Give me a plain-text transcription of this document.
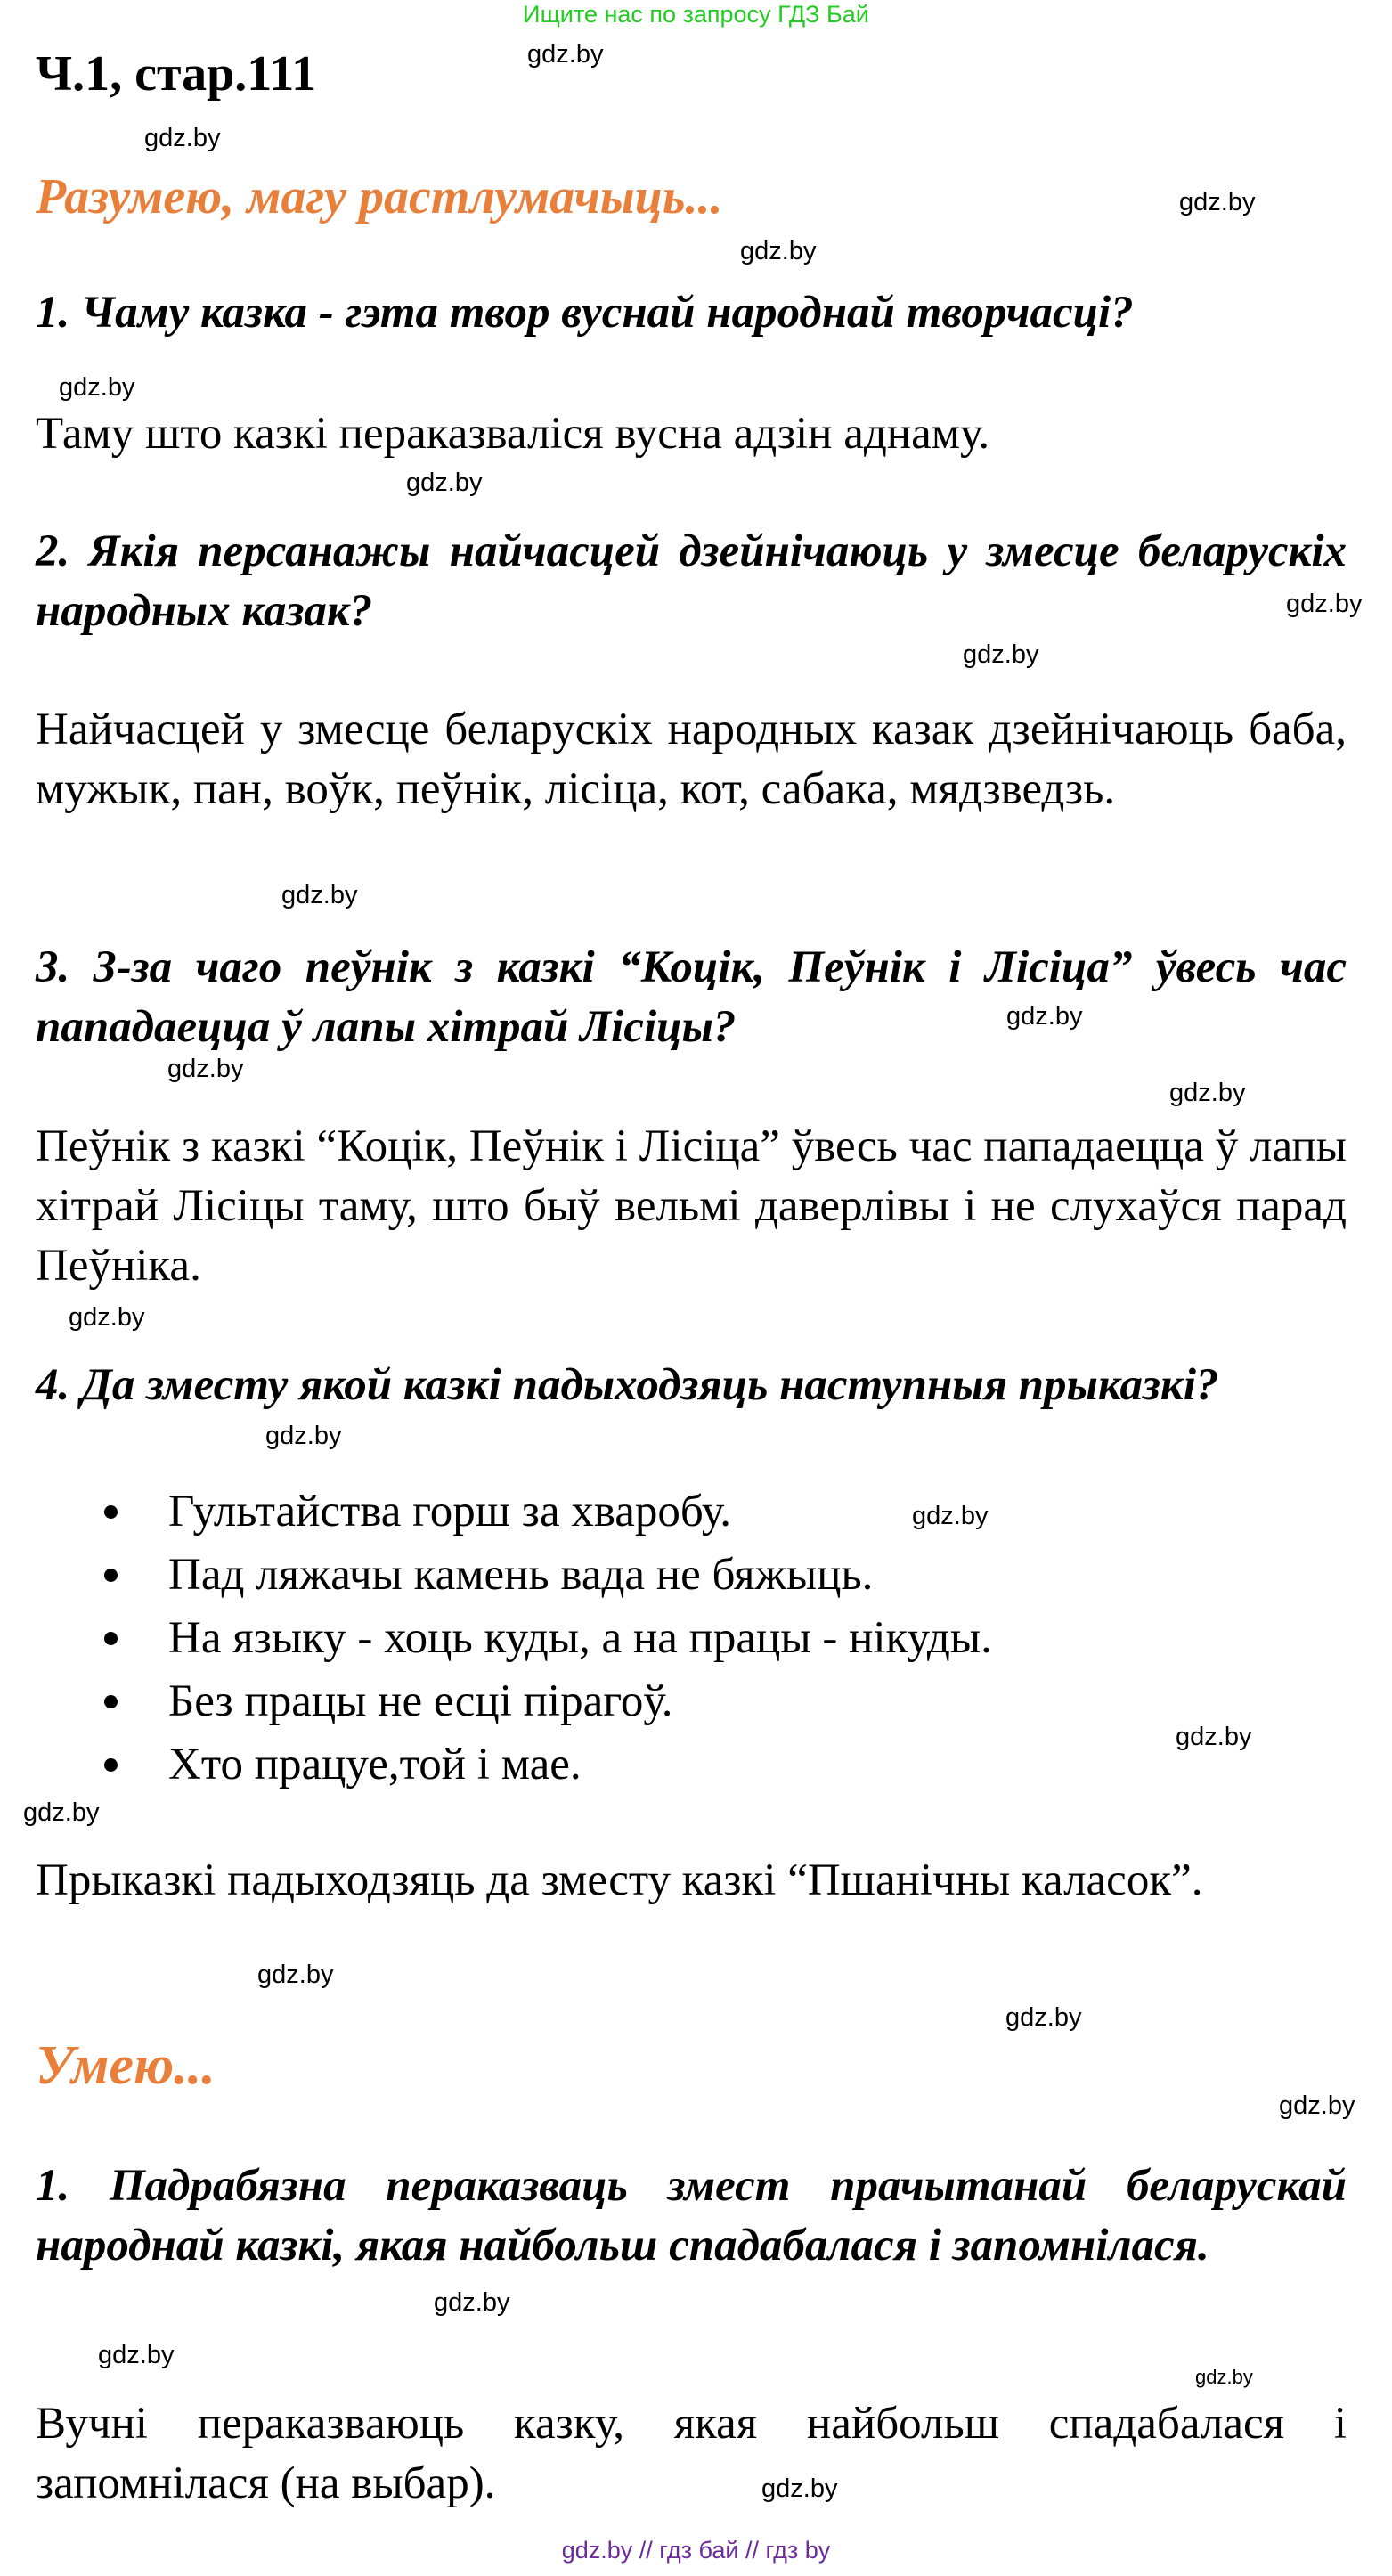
Ищите нас по запросу ГДЗ Бай
Ч.1, стар.111
Разумею, магу растлумачыць...
1. Чаму казка - гэта твор вуснай народнай творчасці?
Таму што казкі пераказваліся вусна адзін аднаму.
2. Якія персанажы найчасцей дзейнічаюць у змесце беларускіх народных казак?
Найчасцей у змесце беларускіх народных казак дзейнічаюць баба, мужык, пан, воўк, пеўнік, лісіца, кот, сабака, мядзведзь.
3. З-за чаго пеўнік з казкі “Коцік, Пеўнік і Лісіца” ўвесь час пападаецца ў лапы хітрай Лісіцы?
Пеўнік з казкі “Коцік, Пеўнік і Лісіца” ўвесь час пападаецца ў лапы хітрай Лісіцы таму, што быў вельмі даверлівы і не слухаўся парад Пеўніка.
4. Да зместу якой казкі падыходзяць наступныя прыказкі?
Гультайства горш за хваробу.
Пад ляжачы камень вада не бяжыць.
На языку - хоць куды, а на працы - нікуды.
Без працы не есці пірагоў.
Хто працуе,той і мае.
Прыказкі падыходзяць да зместу казкі “Пшанічны каласок”.
Умею...
1. Падрабязна пераказваць змест прачытанай беларускай народнай казкі, якая найбольш спадабалася і запомнілася.
Вучні пераказваюць казку, якая найбольш спадабалася і запомнілася (на выбар).
gdz.by
gdz.by
gdz.by
gdz.by
gdz.by
gdz.by
gdz.by
gdz.by
gdz.by
gdz.by
gdz.by
gdz.by
gdz.by
gdz.by
gdz.by
gdz.by
gdz.by
gdz.by
gdz.by
gdz.by
gdz.by
gdz.by
gdz.by
gdz.by
gdz.by // гдз бай // гдз by
